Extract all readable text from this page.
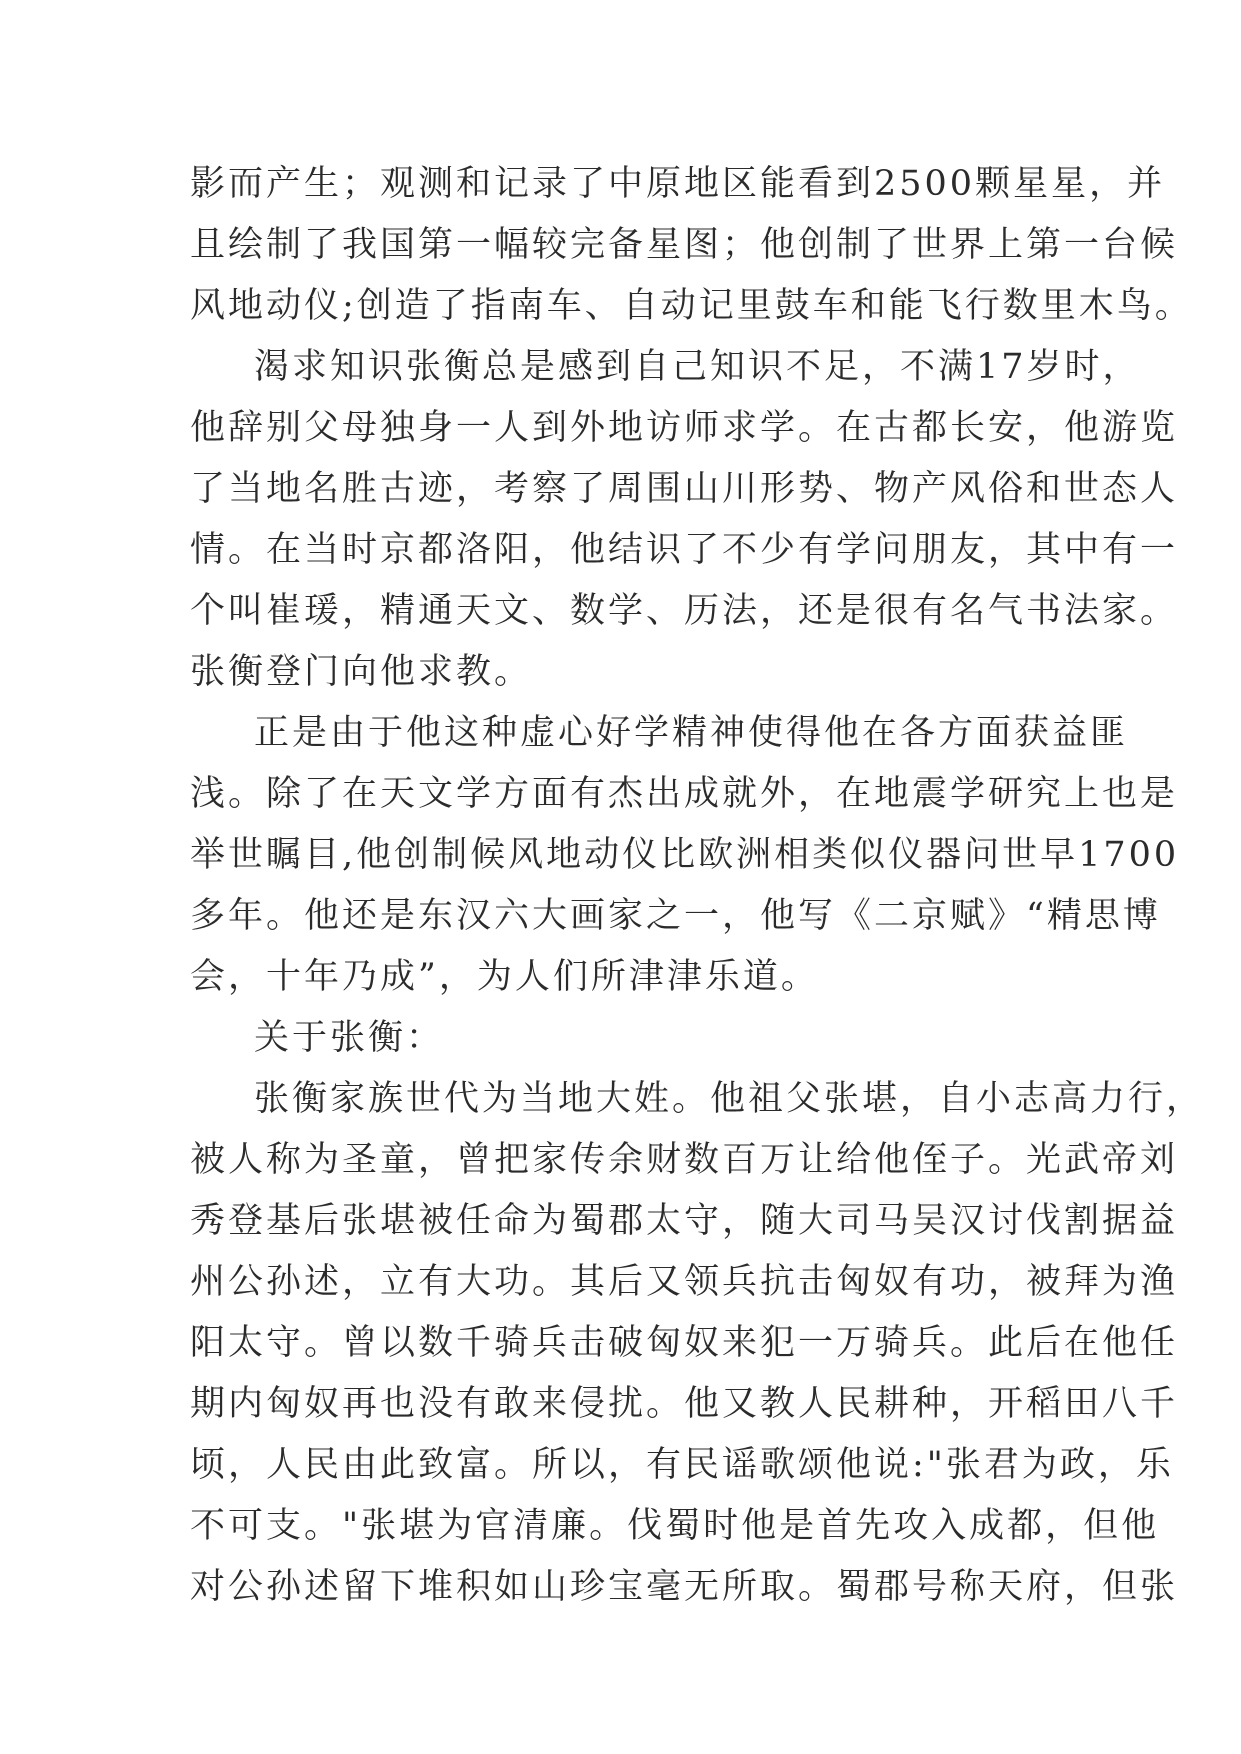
影而产生；观测和记录了中原地区能看到2500颗星星，并
且绘制了我国第一幅较完备星图；他创制了世界上第一台候
风地动仪;创造了指南车、自动记里鼓车和能飞行数里木鸟。
渴求知识张衡总是感到自己知识不足，不满17岁时，
他辞别父母独身一人到外地访师求学。在古都长安，他游览
了当地名胜古迹，考察了周围山川形势、物产风俗和世态人
情。在当时京都洛阳，他结识了不少有学问朋友，其中有一
个叫崔瑗，精通天文、数学、历法，还是很有名气书法家。
张衡登门向他求教。
正是由于他这种虚心好学精神使得他在各方面获益匪
浅。除了在天文学方面有杰出成就外，在地震学研究上也是
举世瞩目,他创制候风地动仪比欧洲相类似仪器问世早1700
多年。他还是东汉六大画家之一，他写《二京赋》“精思博
会，十年乃成”，为人们所津津乐道。
关于张衡：
张衡家族世代为当地大姓。他祖父张堪，自小志高力行，
被人称为圣童，曾把家传余财数百万让给他侄子。光武帝刘
秀登基后张堪被任命为蜀郡太守，随大司马吴汉讨伐割据益
州公孙述，立有大功。其后又领兵抗击匈奴有功，被拜为渔
阳太守。曾以数千骑兵击破匈奴来犯一万骑兵。此后在他任
期内匈奴再也没有敢来侵扰。他又教人民耕种，开稻田八千
顷，人民由此致富。所以，有民谣歌颂他说:"张君为政，乐
不可支。"张堪为官清廉。伐蜀时他是首先攻入成都，但他
对公孙述留下堆积如山珍宝毫无所取。蜀郡号称天府，但张
